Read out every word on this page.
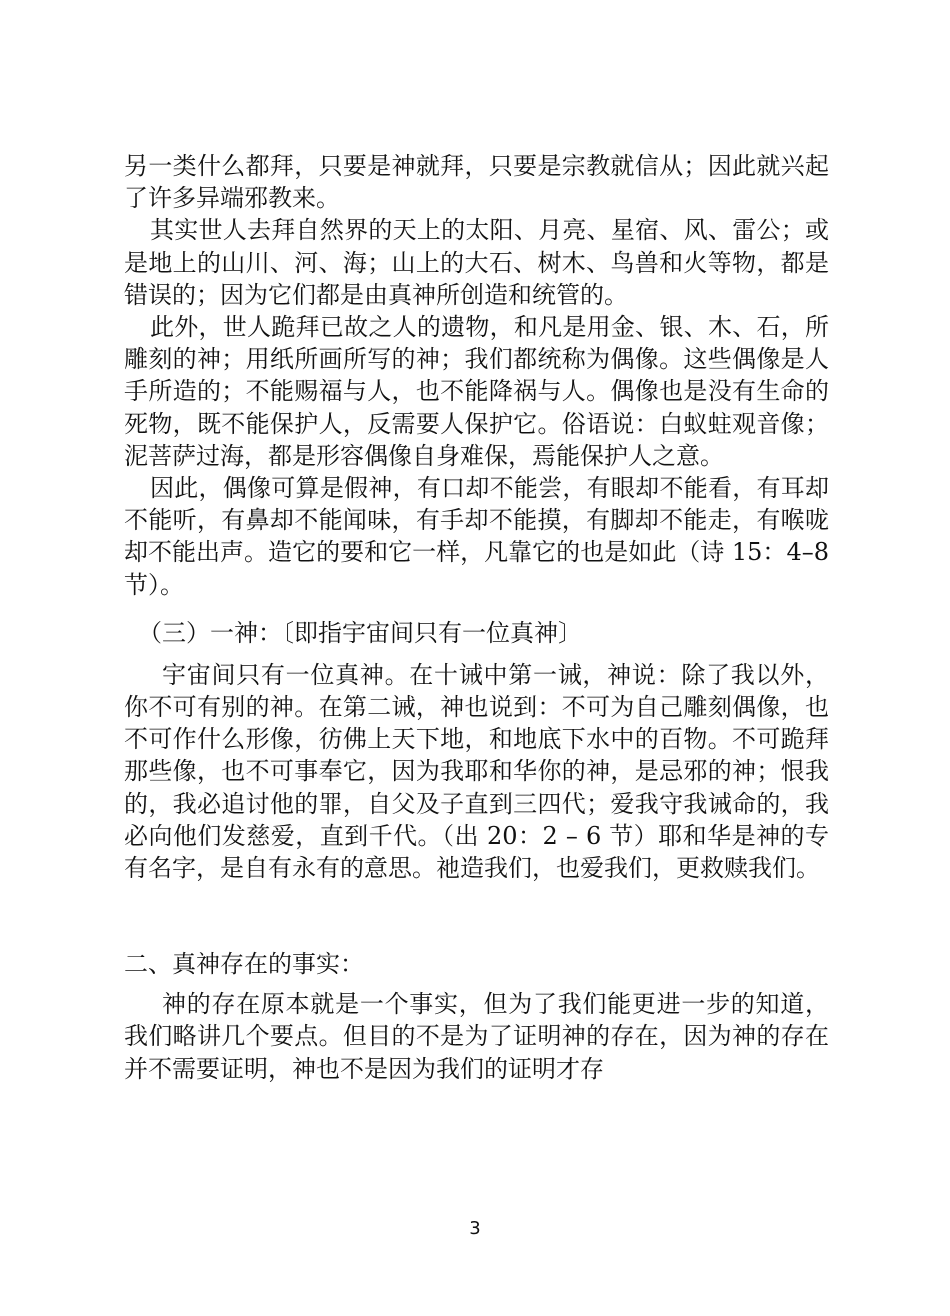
另一类什么都拜，只要是神就拜，只要是宗教就信从；因此就兴起了许多异端邪教来。

其实世人去拜自然界的天上的太阳、月亮、星宿、风、雷公；或是地上的山川、河、海；山上的大石、树木、鸟兽和火等物，都是错误的；因为它们都是由真神所创造和统管的。

此外，世人跪拜已故之人的遗物，和凡是用金、银、木、石，所雕刻的神；用纸所画所写的神；我们都统称为偶像。这些偶像是人手所造的；不能赐福与人，也不能降祸与人。偶像也是没有生命的死物，既不能保护人，反需要人保护它。俗语说：白蚁蛀观音像；泥菩萨过海，都是形容偶像自身难保，焉能保护人之意。

因此，偶像可算是假神，有口却不能尝，有眼却不能看，有耳却不能听，有鼻却不能闻味，有手却不能摸，有脚却不能走，有喉咙却不能出声。造它的要和它一样，凡靠它的也是如此（诗 15：4–8 节）。

（三）一神：〔即指宇宙间只有一位真神〕

宇宙间只有一位真神。在十诫中第一诫，神说：除了我以外，你不可有别的神。在第二诫，神也说到：不可为自己雕刻偶像，也不可作什么形像，彷佛上天下地，和地底下水中的百物。不可跪拜那些像，也不可事奉它，因为我耶和华你的神，是忌邪的神；恨我的，我必追讨他的罪，自父及子直到三四代；爱我守我诫命的，我必向他们发慈爱，直到千代。（出 20：2 – 6 节）耶和华是神的专有名字，是自有永有的意思。祂造我们，也爱我们，更救赎我们。

二、真神存在的事实：

神的存在原本就是一个事实，但为了我们能更进一步的知道，我们略讲几个要点。但目的不是为了证明神的存在，因为神的存在并不需要证明，神也不是因为我们的证明才存

3
